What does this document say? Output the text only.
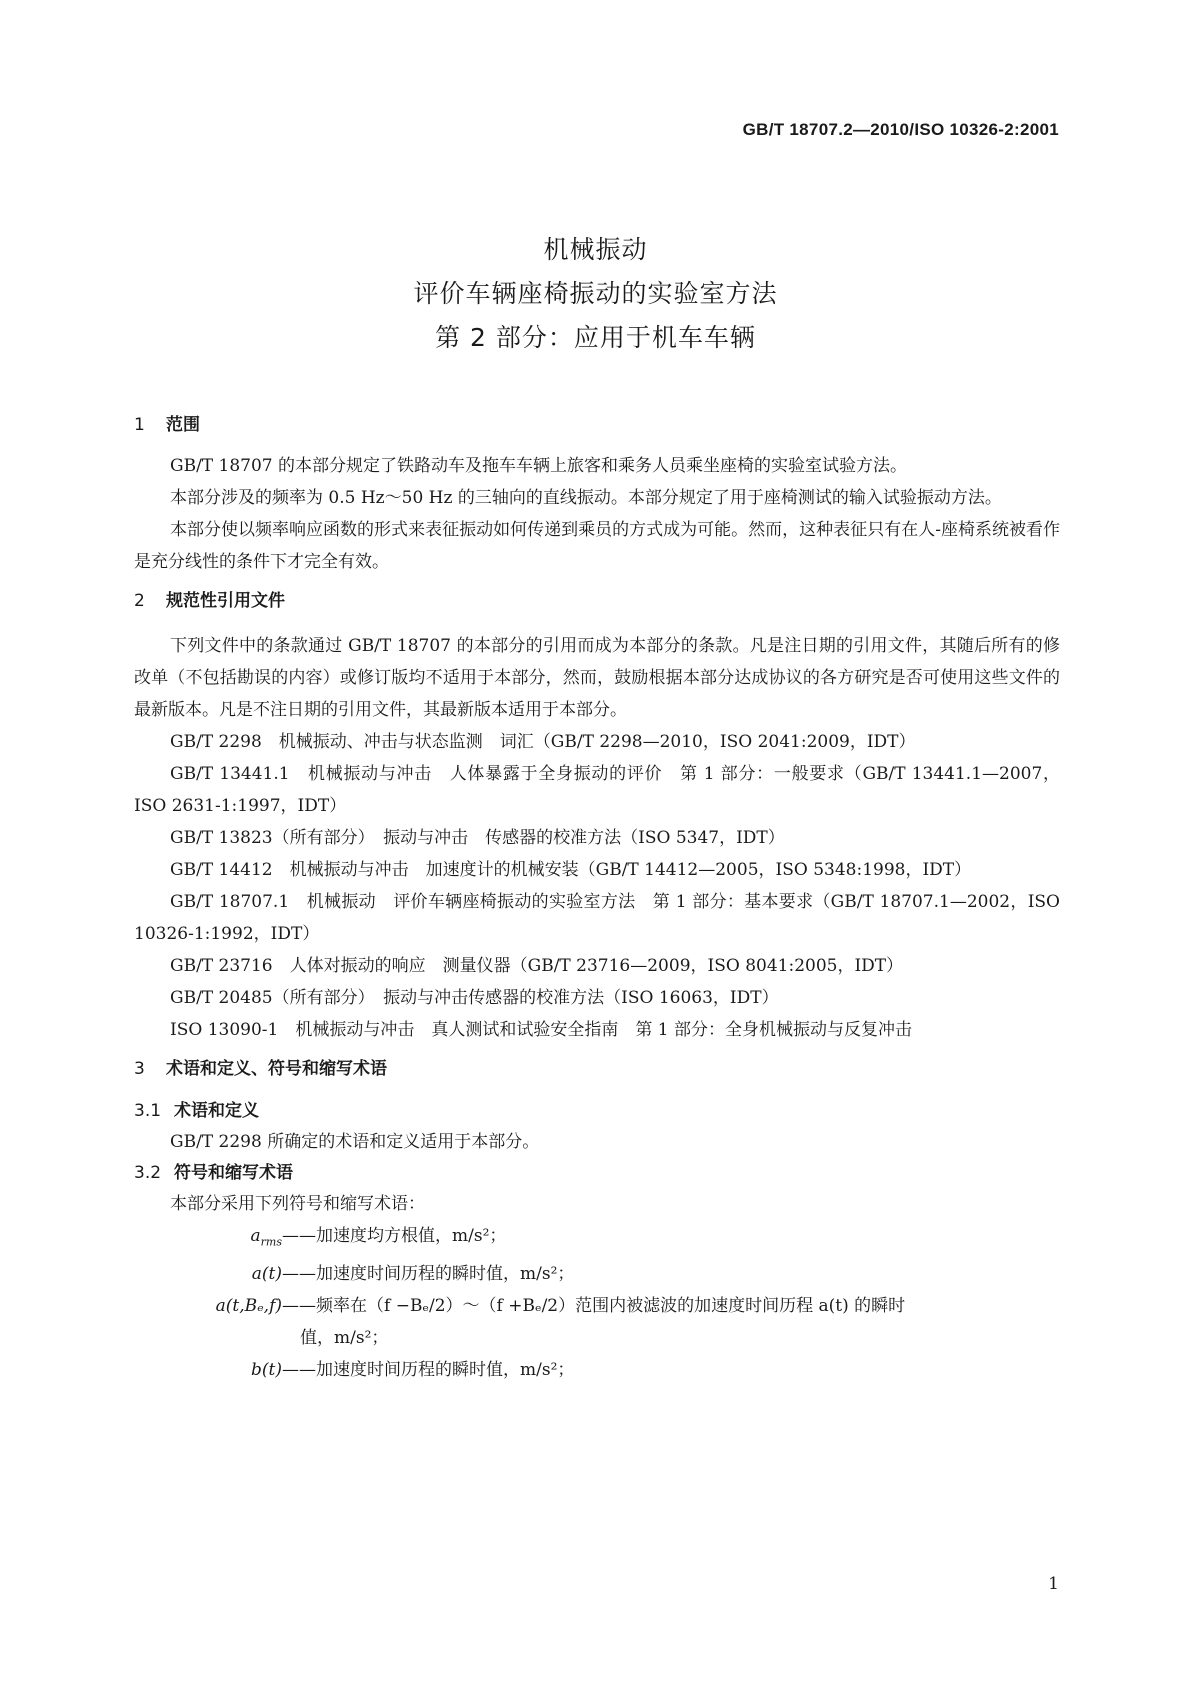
GB/T 18707.2—2010/ISO 10326-2:2001
机械振动
评价车辆座椅振动的实验室方法
第 2 部分：应用于机车车辆
1 范围

GB/T 18707 的本部分规定了铁路动车及拖车车辆上旅客和乘务人员乘坐座椅的实验室试验方法。

本部分涉及的频率为 0.5 Hz～50 Hz 的三轴向的直线振动。本部分规定了用于座椅测试的输入试验振动方法。

本部分使以频率响应函数的形式来表征振动如何传递到乘员的方式成为可能。然而，这种表征只有在人-座椅系统被看作是充分线性的条件下才完全有效。

2 规范性引用文件

下列文件中的条款通过 GB/T 18707 的本部分的引用而成为本部分的条款。凡是注日期的引用文件，其随后所有的修改单（不包括勘误的内容）或修订版均不适用于本部分，然而，鼓励根据本部分达成协议的各方研究是否可使用这些文件的最新版本。凡是不注日期的引用文件，其最新版本适用于本部分。

GB/T 2298　机械振动、冲击与状态监测　词汇（GB/T 2298—2010，ISO 2041:2009，IDT）

GB/T 13441.1　机械振动与冲击　人体暴露于全身振动的评价　第 1 部分：一般要求（GB/T 13441.1—2007，ISO 2631-1:1997，IDT）

GB/T 13823（所有部分）　振动与冲击　传感器的校准方法（ISO 5347，IDT）

GB/T 14412　机械振动与冲击　加速度计的机械安装（GB/T 14412—2005，ISO 5348:1998，IDT）

GB/T 18707.1　机械振动　评价车辆座椅振动的实验室方法　第 1 部分：基本要求（GB/T 18707.1—2002，ISO 10326-1:1992，IDT）

GB/T 23716　人体对振动的响应　测量仪器（GB/T 23716—2009，ISO 8041:2005，IDT）

GB/T 20485（所有部分）　振动与冲击传感器的校准方法（ISO 16063，IDT）

ISO 13090-1　机械振动与冲击　真人测试和试验安全指南　第 1 部分：全身机械振动与反复冲击

3 术语和定义、符号和缩写术语
3.1 术语和定义

GB/T 2298 所确定的术语和定义适用于本部分。

3.2 符号和缩写术语

本部分采用下列符号和缩写术语：

$a_{rms}$ ——加速度均方根值，m/s²；
a(t) ——加速度时间历程的瞬时值，m/s²；
a(t,Bₑ,f) ——频率在（f −Bₑ/2）～（f +Bₑ/2）范围内被滤波的加速度时间历程 a(t) 的瞬时
值，m/s²；
b(t) ——加速度时间历程的瞬时值，m/s²；
1
